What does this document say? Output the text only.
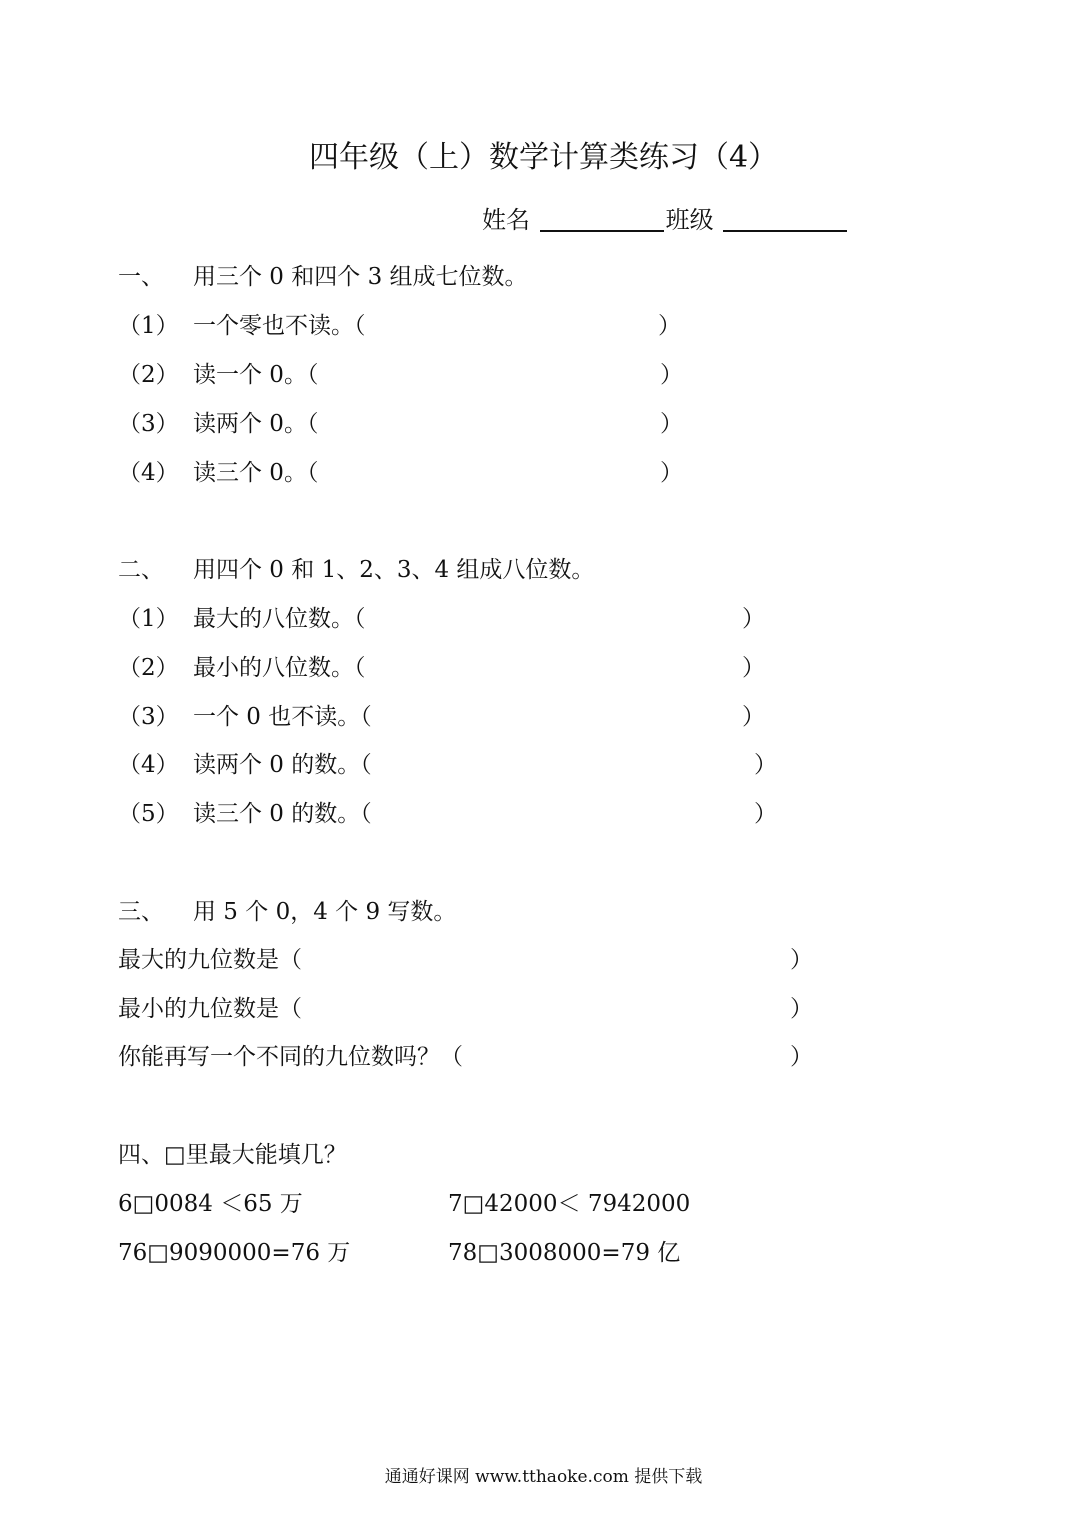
四年级（上）数学计算类练习（4）
姓名	班级
一、 用三个 0 和四个 3 组成七位数。
（1） 一个零也不读。（	）
（2） 读一个 0。（	）
（3） 读两个 0。（	）
（4） 读三个 0。（	）
二、 用四个 0 和 1、2、3、4 组成八位数。
（1） 最大的八位数。（	）
（2） 最小的八位数。（	）
（3） 一个 0 也不读。（	）
（4） 读两个 0 的数。（	）
（5） 读三个 0 的数。（	）
三、 用 5 个 0，4 个 9 写数。
最大的九位数是（	）
最小的九位数是（	）
你能再写一个不同的九位数吗？（	）
四、□里最大能填几？
6□0084 ＜65 万	7□42000＜ 7942000
76□9090000=76 万	78□3008000=79 亿
通通好课网 www.tthaoke.com 提供下载
